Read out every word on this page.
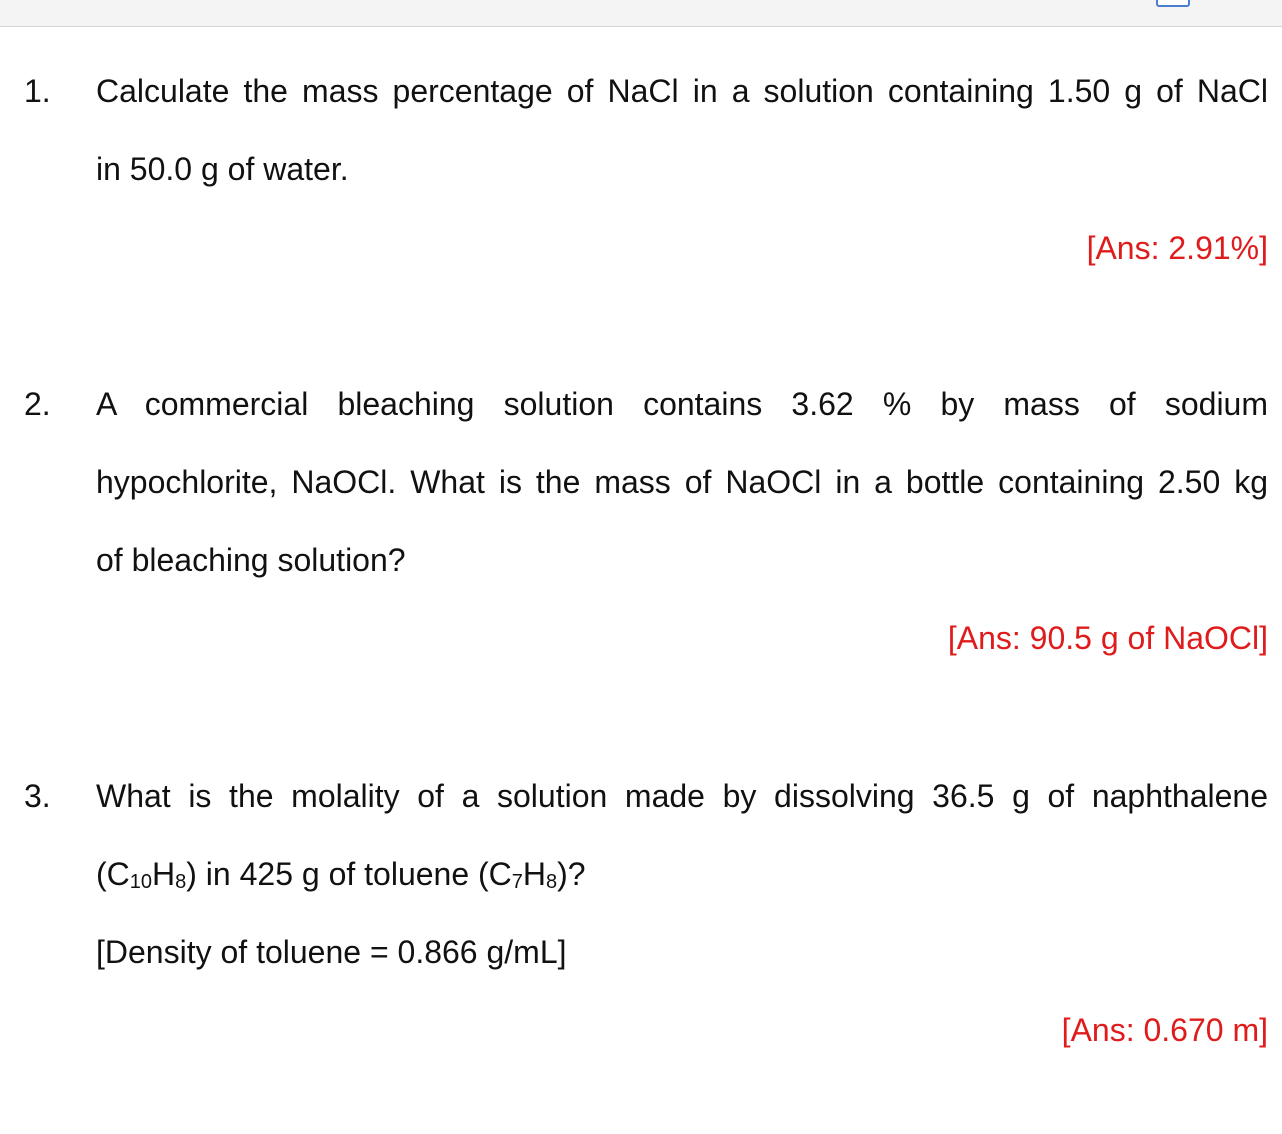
1. Calculate the mass percentage of NaCl in a solution containing 1.50 g of NaCl
in 50.0 g of water.
[Ans: 2.91%]
2. A commercial bleaching solution contains 3.62 % by mass of sodium
hypochlorite, NaOCl. What is the mass of NaOCl in a bottle containing 2.50 kg
of bleaching solution?
[Ans: 90.5 g of NaOCl]
3. What is the molality of a solution made by dissolving 36.5 g of naphthalene
(C10H8) in 425 g of toluene (C7H8)?
[Density of toluene = 0.866 g/mL]
[Ans: 0.670 m]
